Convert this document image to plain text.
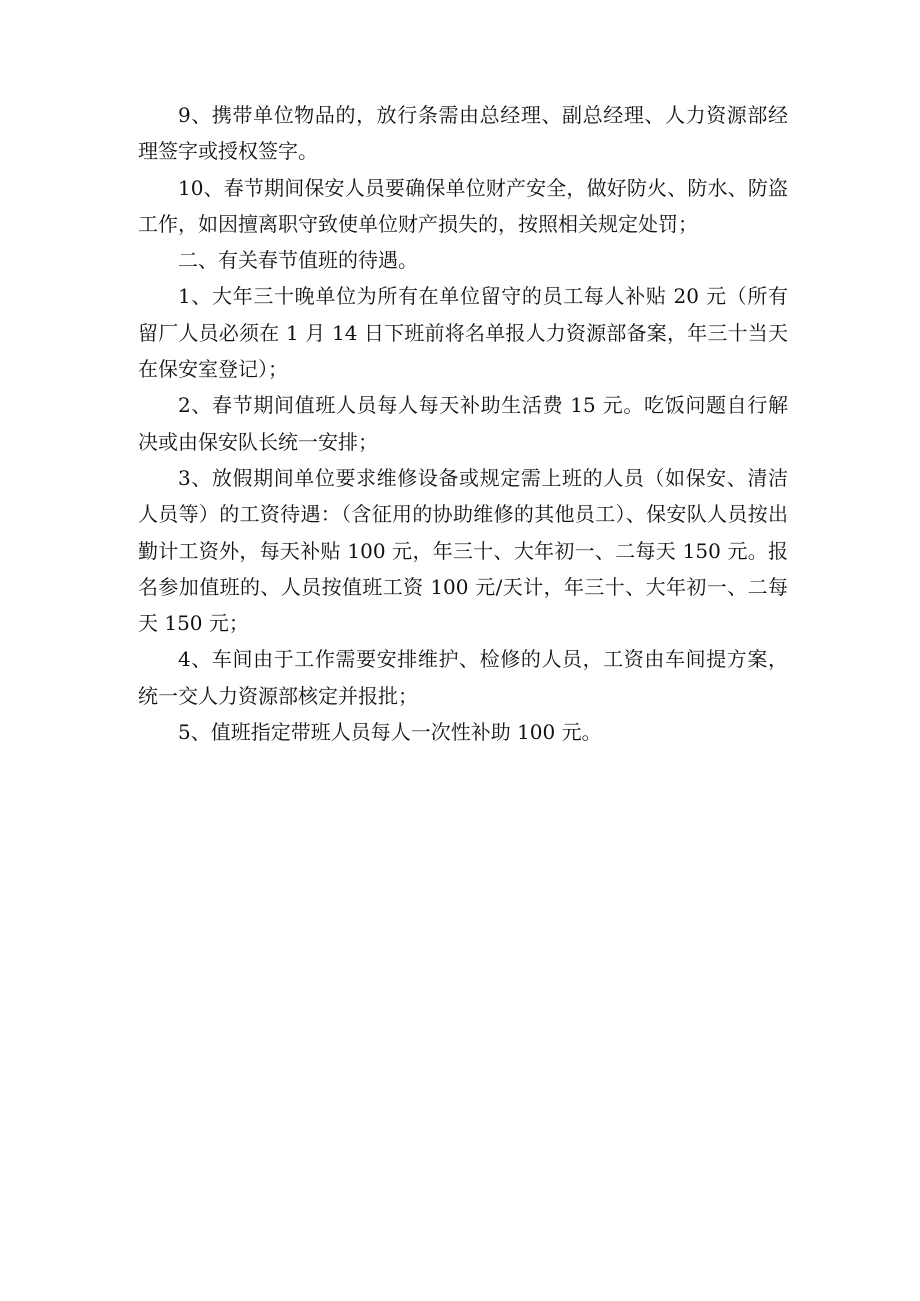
9、携带单位物品的，放行条需由总经理、副总经理、人力资源部经理签字或授权签字。

10、春节期间保安人员要确保单位财产安全，做好防火、防水、防盗工作，如因擅离职守致使单位财产损失的，按照相关规定处罚；

二、有关春节值班的待遇。

1、大年三十晚单位为所有在单位留守的员工每人补贴 20 元（所有留厂人员必须在 1 月 14 日下班前将名单报人力资源部备案，年三十当天在保安室登记）；

2、春节期间值班人员每人每天补助生活费 15 元。吃饭问题自行解决或由保安队长统一安排；

3、放假期间单位要求维修设备或规定需上班的人员（如保安、清洁人员等）的工资待遇：（含征用的协助维修的其他员工）、保安队人员按出勤计工资外，每天补贴 100 元，年三十、大年初一、二每天 150 元。报名参加值班的、人员按值班工资 100 元/天计，年三十、大年初一、二每天 150 元；

4、车间由于工作需要安排维护、检修的人员，工资由车间提方案，统一交人力资源部核定并报批；

5、值班指定带班人员每人一次性补助 100 元。
